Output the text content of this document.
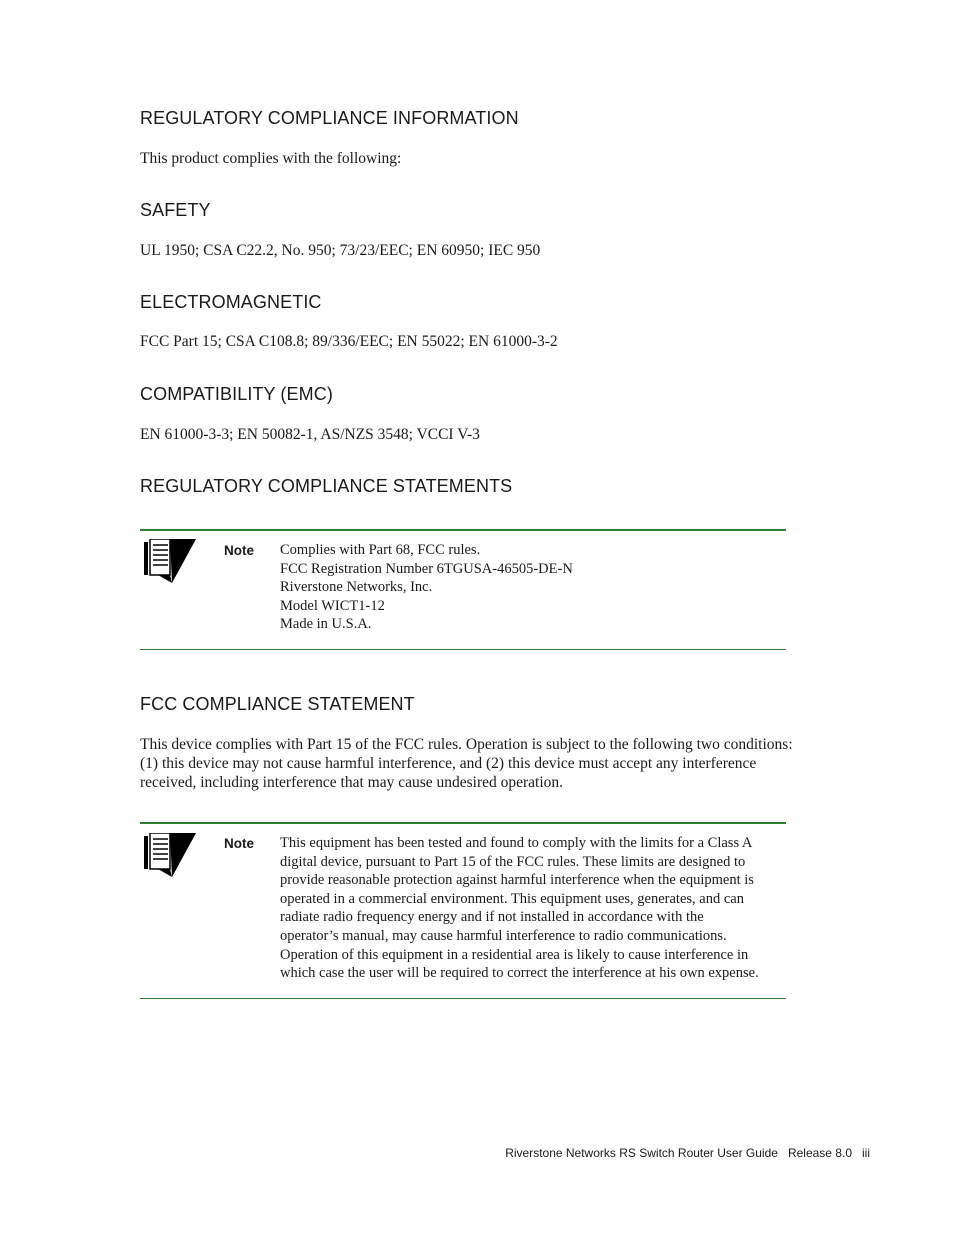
REGULATORY COMPLIANCE INFORMATION

This product complies with the following:

SAFETY

UL 1950; CSA C22.2, No. 950; 73/23/EEC; EN 60950; IEC 950

ELECTROMAGNETIC

FCC Part 15; CSA C108.8; 89/336/EEC; EN 55022; EN 61000-3-2

COMPATIBILITY (EMC)

EN 61000-3-3; EN 50082-1, AS/NZS 3548; VCCI V-3

REGULATORY COMPLIANCE STATEMENTS
Note Complies with Part 68, FCC rules.
FCC Registration Number 6TGUSA-46505-DE-N
Riverstone Networks, Inc.
Model WICT1-12
Made in U.S.A.

FCC COMPLIANCE STATEMENT

This device complies with Part 15 of the FCC rules. Operation is subject to the following two conditions:
(1) this device may not cause harmful interference, and (2) this device must accept any interference
received, including interference that may cause undesired operation.

Note This equipment has been tested and found to comply with the limits for a Class A
digital device, pursuant to Part 15 of the FCC rules. These limits are designed to
provide reasonable protection against harmful interference when the equipment is
operated in a commercial environment. This equipment uses, generates, and can
radiate radio frequency energy and if not installed in accordance with the
operator’s manual, may cause harmful interference to radio communications.
Operation of this equipment in a residential area is likely to cause interference in
which case the user will be required to correct the interference at his own expense.

Riverstone Networks RS Switch Router User Guide   Release 8.0   iii
